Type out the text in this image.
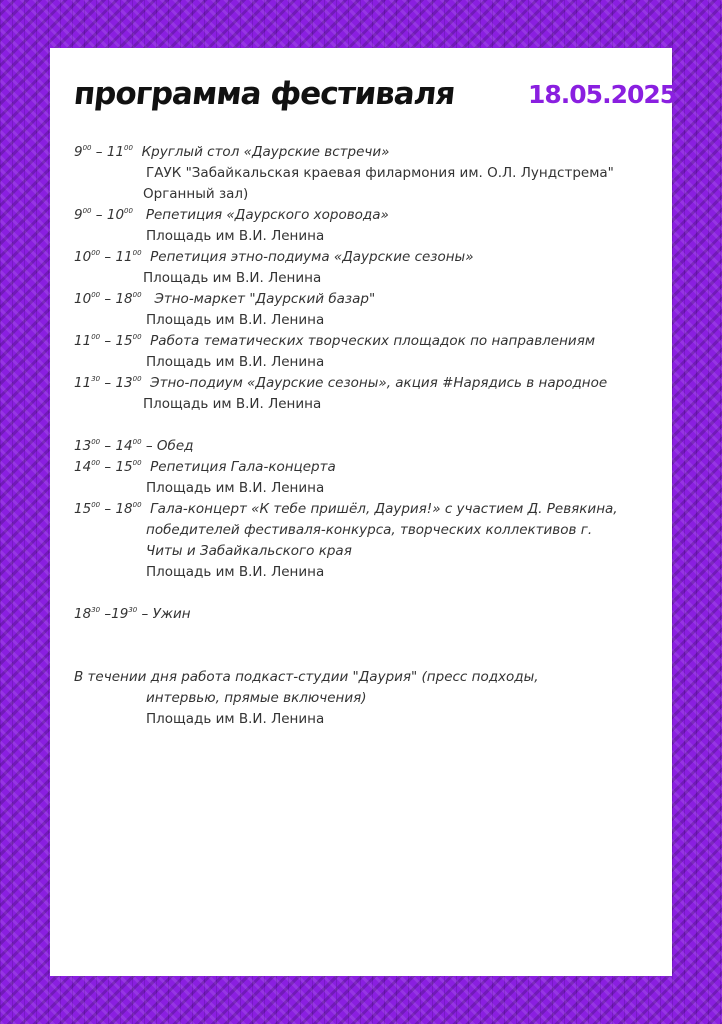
программа фестиваля	18.05.2025
$9^{00} - 11^{00}$ Круглый стол «Даурские встречи»
ГАУК "Забайкальская краевая филармония им. О.Л. Лундстрема"
Органный зал)
$9^{00} - 10^{00}$ Репетиция «Даурского хоровода»
Площадь им В.И. Ленина
$10^{00} - 11^{00}$ Репетиция этно-подиума «Даурские сезоны»
Площадь им В.И. Ленина
$10^{00} - 18^{00}$ Этно-маркет "Даурский базар"
Площадь им В.И. Ленина
$11^{00} - 15^{00}$ Работа тематических творческих площадок по направлениям
Площадь им В.И. Ленина
$11^{30} - 13^{00}$ Этно-подиум «Даурские сезоны», акция #Нарядись в народное
Площадь им В.И. Ленина
$13^{00} - 14^{00}$ – Обед
$14^{00} - 15^{00}$ Репетиция Гала-концерта
Площадь им В.И. Ленина
$15^{00} - 18^{00}$ Гала-концерт «К тебе пришёл, Даурия!» с участием Д. Ревякина,
победителей фестиваля-конкурса, творческих коллективов г.
Читы и Забайкальского края
Площадь им В.И. Ленина
$18^{30}$ $-19^{30}$ – Ужин
В течении дня работа подкаст-студии "Даурия" (пресс подходы,
интервью, прямые включения)
Площадь им В.И. Ленина
